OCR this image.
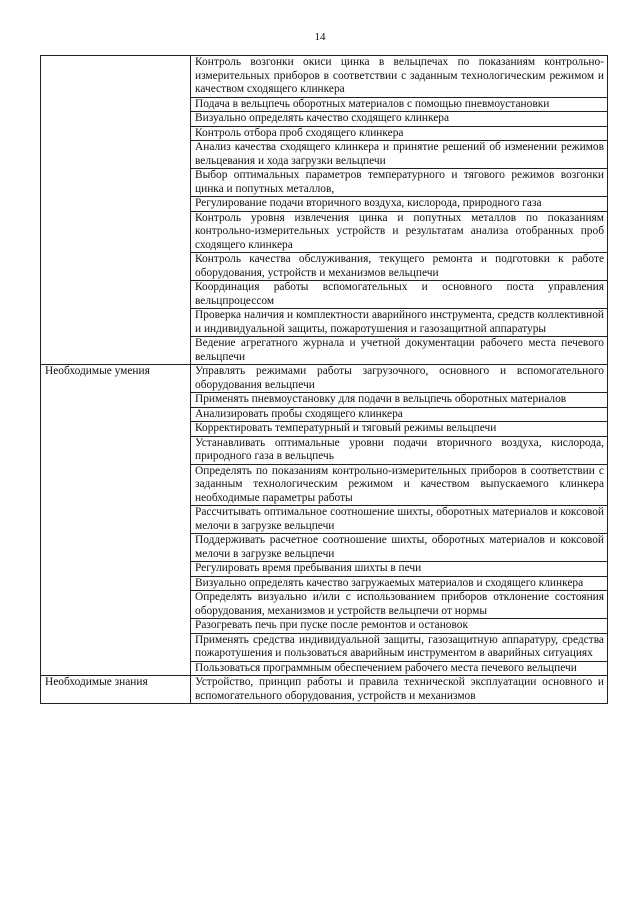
14
	Контроль возгонки окиси цинка в вельцпечах по показаниям контрольно-измерительных приборов в соответствии с заданным технологическим режимом и качеством сходящего клинкера
	Подача в вельцпечь оборотных материалов с помощью пневмоустановки
	Визуально определять качество сходящего клинкера
	Контроль отбора проб сходящего клинкера
	Анализ качества сходящего клинкера и принятие решений об изменении режимов вельцевания и хода загрузки вельцпечи
	Выбор оптимальных параметров температурного и тягового режимов возгонки цинка и попутных металлов,
	Регулирование подачи вторичного воздуха, кислорода, природного газа
	Контроль уровня извлечения цинка и попутных металлов по показаниям контрольно-измерительных устройств и результатам анализа отобранных проб сходящего клинкера
	Контроль качества обслуживания, текущего ремонта и подготовки к работе оборудования, устройств и механизмов вельцпечи
	Координация работы вспомогательных и основного поста управления вельцпроцессом
	Проверка наличия и комплектности аварийного инструмента, средств коллективной и индивидуальной защиты, пожаротушения и газозащитной аппаратуры
	Ведение агрегатного журнала и учетной документации рабочего места печевого вельцпечи
Необходимые умения	Управлять режимами работы загрузочного, основного и вспомогательного оборудования вельцпечи
	Применять пневмоустановку для подачи в вельцпечь оборотных материалов
	Анализировать пробы сходящего клинкера
	Корректировать температурный и тяговый режимы вельцпечи
	Устанавливать оптимальные уровни подачи вторичного воздуха, кислорода, природного газа в вельцпечь
	Определять по показаниям контрольно-измерительных приборов в соответствии с заданным технологическим режимом и качеством выпускаемого клинкера необходимые параметры работы
	Рассчитывать оптимальное соотношение шихты, оборотных материалов и коксовой мелочи в загрузке вельцпечи
	Поддерживать расчетное соотношение шихты, оборотных материалов и коксовой мелочи в загрузке вельцпечи
	Регулировать время пребывания шихты в печи
	Визуально определять качество загружаемых материалов и сходящего клинкера
	Определять визуально и/или с использованием приборов отклонение состояния оборудования, механизмов и устройств вельцпечи от нормы
	Разогревать печь при пуске после ремонтов и остановок
	Применять средства индивидуальной защиты, газозащитную аппаратуру, средства пожаротушения и пользоваться аварийным инструментом в аварийных ситуациях
	Пользоваться программным обеспечением рабочего места печевого вельцпечи
Необходимые знания	Устройство, принцип работы и правила технической эксплуатации основного и вспомогательного оборудования, устройств и механизмов
